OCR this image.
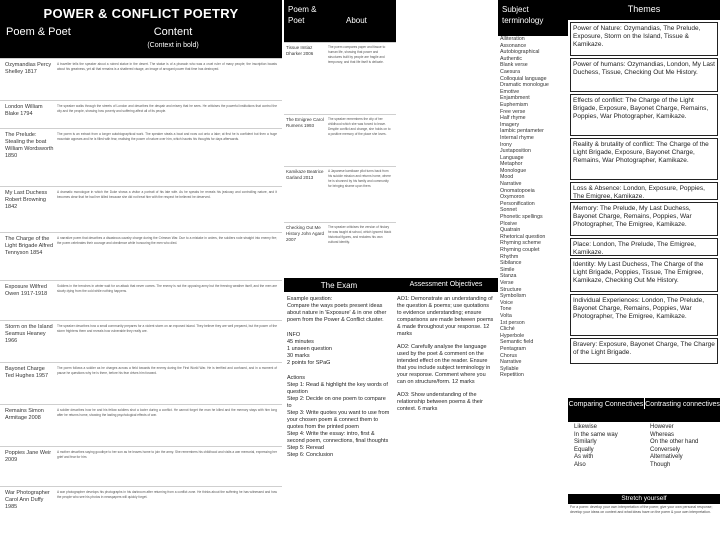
POWER & CONFLICT POETRY
Poem & Poet	Content
(Context in bold)
Ozymandias Percy Shelley 1817
A traveller tells the speaker about a ruined statue in the desert. The statue is of a pharaoh who was a cruel ruler of many people; the inscription boasts about his greatness, yet all that remains is a shattered visage, an image of arrogant power that time has destroyed.
London William Blake 1794
The speaker walks through the streets of London and describes the despair and misery that he sees. He criticises the powerful institutions that control the city and the people, showing how poverty and suffering affect all of its people.
The Prelude: Stealing the boat William Wordsworth 1850
The poem is an extract from a longer autobiographical work. The speaker steals a boat and rows out onto a lake; at first he is confident but then a huge mountain appears and he is filled with fear, realising the power of nature over him, which haunts his thoughts for days afterwards.
My Last Duchess Robert Browning 1842
A dramatic monologue in which the Duke shows a visitor a portrait of his late wife. As he speaks he reveals his jealousy and controlling nature, and it becomes clear that he had her killed because she did not treat him with the respect he believed he deserved.
The Charge of the Light Brigade Alfred Tennyson 1854
A narrative poem that describes a disastrous cavalry charge during the Crimean War. Due to a mistake in orders, the soldiers rode straight into enemy fire; the poem celebrates their courage and obedience while honouring the men who died.
Exposure Wilfred Owen 1917-1918
Soldiers in the trenches in winter wait for an attack that never comes. The enemy is not the opposing army but the freezing weather itself, and the men are slowly dying from the cold while nothing happens.
Storm on the Island Seamus Heaney 1966
The speaker describes how a small community prepares for a violent storm on an exposed island. They believe they are well prepared, but the power of the storm frightens them and reveals how vulnerable they really are.
Bayonet Charge Ted Hughes 1957
The poem follows a soldier as he charges across a field towards the enemy during the First World War. He is terrified and confused, and in a moment of pause he questions why he is there, before his fear drives him forward.
Remains Simon Armitage 2008
A soldier describes how he and his fellow soldiers shot a looter during a conflict. He cannot forget the man he killed and the memory stays with him long after he returns home, showing the lasting psychological effects of war.
Poppies Jane Weir 2009
A mother describes saying goodbye to her son as he leaves home to join the army. She remembers his childhood and visits a war memorial, expressing her grief and fear for him.
War Photographer Carol Ann Duffy 1985
A war photographer develops his photographs in his darkroom after returning from a conflict zone. He thinks about the suffering he has witnessed and how the people who see his photos in newspapers will quickly forget.
Poem &
Poet	About
Tissue Imtiaz Dharker 2006
The poem compares paper and tissue to human life, showing that power and structures built by people are fragile and temporary, and that life itself is delicate.
The Emigree Carol Rumens 1993
The speaker remembers the city of her childhood which she was forced to leave. Despite conflict and change, she holds on to a positive memory of the place she loves.
Kamikaze Beatrice Garland 2013
A Japanese kamikaze pilot turns back from his suicide mission and returns home, where he is shunned by his family and community for bringing shame upon them.
Checking Out Me History John Agard 2007
The speaker criticises the version of history he was taught at school, which ignored black historical figures, and reclaims his own cultural identity.
The Exam	Assessment Objectives
Example question:
Compare the ways poets present ideas about nature in 'Exposure' & in one other poem from the Power & Conflict cluster.
INFO
45 minutes
1 unseen question
30 marks
2 points for SPaG
Actions
Step 1: Read & highlight the key words of question
Step 2: Decide on one poem to compare to
Step 3: Write quotes you want to use from your chosen poem & connect them to quotes from the printed poem
Step 4: Write the essay: intro, first & second poem, connections, final thoughts
Step 5: Reread
Step 6: Conclusion
AO1: Demonstrate an understanding of the question & poems; use quotations to evidence understanding; ensure comparisons are made between poems & made throughout your response. 12 marks
AO2: Carefully analyse the language used by the poet & comment on the intended effect on the reader. Ensure that you include subject terminology in your response. Comment where you can on structure/form. 12 marks
AO3: Show understanding of the relationship between poems & their context. 6 marks
Subject terminology
Alliteration
Assonance
Autobiographical
Authentic
Blank verse
Caesura
Colloquial language
Dramatic monologue
Emotive
Enjambment
Euphemism
Free verse
Half rhyme
Imagery
Iambic pentameter
Internal rhyme
Irony
Juxtaposition
Language
Metaphor
Monologue
Mood
Narrative
Onomatopoeia
Oxymoron
Personification
Sonnet
Phonetic spellings
Plosive
Quatrain
Rhetorical question
Rhyming scheme
Rhyming couplet
Rhythm
Sibilance
Simile
Stanza
Verse
Structure
Symbolism
Voice
Tone
Volta
1st person
Cliché
Hyperbole
Semantic field
Pentagram
Chorus
Narrative
Syllable
Repetition
Themes
Power of Nature: Ozymandias, The Prelude, Exposure, Storm on the Island, Tissue & Kamikaze.
Power of humans: Ozymandias, London, My Last Duchess, Tissue, Checking Out Me History.
Effects of conflict: The Charge of the Light Brigade, Exposure, Bayonet Charge, Remains, Poppies, War Photographer, Kamikaze.
Reality & brutality of conflict: The Charge of the Light Brigade, Exposure, Bayonet Charge, Remains, War Photographer, Kamikaze.
Loss & Absence: London, Exposure, Poppies, The Emigree, Kamikaze.
Memory: The Prelude, My Last Duchess, Bayonet Charge, Remains, Poppies, War Photographer, The Emigree, Kamikaze.
Place: London, The Prelude, The Emigree, Kamikaze.
Identity: My Last Duchess, The Charge of the Light Brigade, Poppies, Tissue, The Emigree, Kamikaze, Checking Out Me History.
Individual Experiences: London, The Prelude, Bayonet Charge, Remains, Poppies, War Photographer, The Emigree, Kamikaze.
Bravery: Exposure, Bayonet Charge, The Charge of the Light Brigade.
Comparing Connectives Contrasting connectives
Likewise
In the same way
Similarly
Equally
As with
Also
However
Whereas
On the other hand
Conversely
Alternatively
Though
Stretch yourself
For a poem: develop your own interpretation of the poem; give your own personal response; develop your ideas on context and what ideas have on the poem & your own interpretation.
